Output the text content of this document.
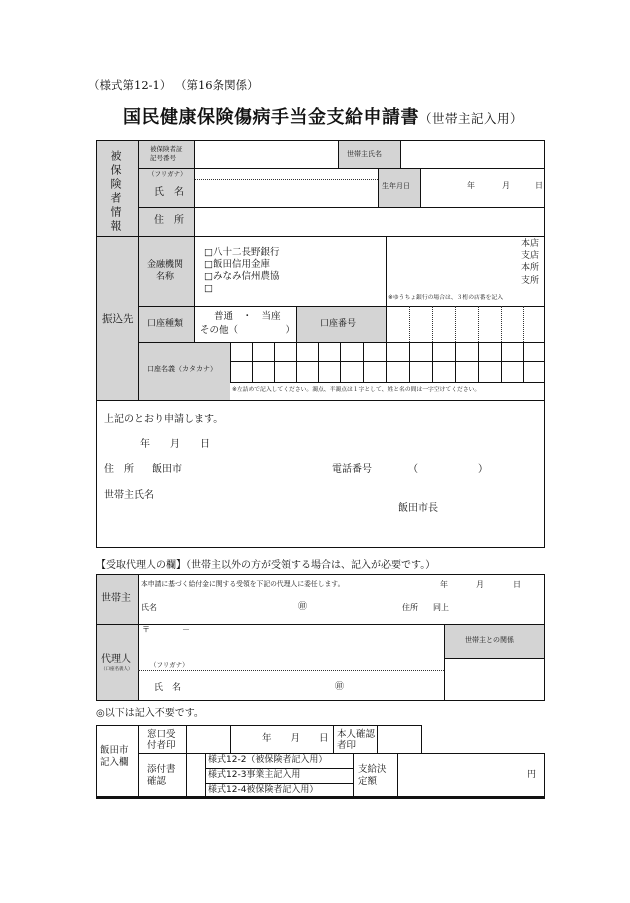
（様式第12-1） （第16条関係）
国民健康保険傷病手当金支給申請書（世帯主記入用）
被保険者情報
被保険者証
記号番号	世帯主氏名
（フリガナ）
氏　名
生年月日	年	月	日
住　所
振込先
金融機関
名称
□八十二長野銀行
□飯田信用金庫
□みなみ信州農協
□
本店
支店
本所
支所
※ゆうちょ銀行の場合は、３桁の店番を記入
口座種類
普通　・　当座
その他（　　　　　）
口座番号
口座名義（カタカナ）
※左詰めで記入してください。濁点、半濁点は１字として、姓と名の間は一字空けてください。
上記のとおり申請します。
年　　月　　日
住　所 飯田市	電話番号	（　　　　　　）
世帯主氏名
飯田市長
【受取代理人の欄】（世帯主以外の方が受領する場合は、記入が必要です。）
世帯主
本申請に基づく給付金に関する受領を下記の代理人に委任します。	年	月	日
氏名	㊞	住所 同上
〒　　　　－
代理人
（口座名義人）
世帯主との関係
（フリガナ）
氏　名	㊞
◎以下は記入不要です。
飯田市記入欄
窓口受付者印
年　　月　　日 本人確認者印
添付書確認
様式12-2（被保険者記入用）
様式12-3事業主記入用
様式12-4被保険者記入用）
支給決定額
円
